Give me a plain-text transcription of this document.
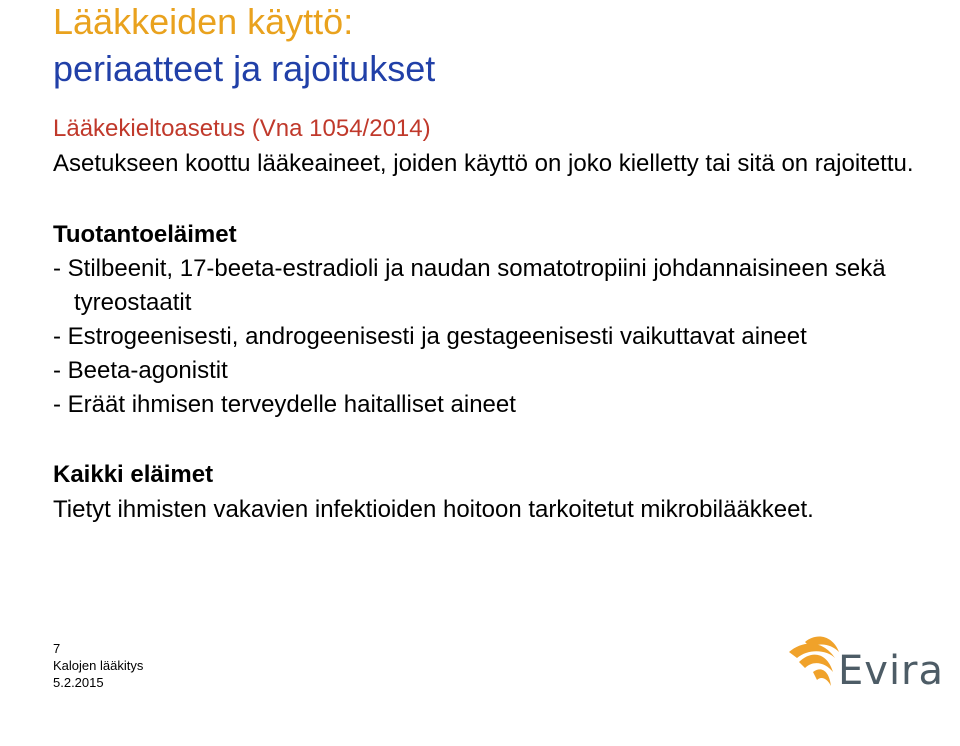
Lääkkeiden käyttö:
periaatteet ja rajoitukset

Lääkekieltoasetus (Vna 1054/2014)

Asetukseen koottu lääkeaineet, joiden käyttö on joko kielletty tai sitä on rajoitettu.

Tuotantoeläimet

- Stilbeenit, 17-beeta-estradioli ja naudan somatotropiini johdannaisineen sekä tyreostaatit
- Estrogeenisesti, androgeenisesti ja gestageenisesti vaikuttavat aineet
- Beeta-agonistit
- Eräät ihmisen terveydelle haitalliset aineet

Kaikki eläimet

Tietyt ihmisten vakavien infektioiden hoitoon tarkoitetut mikrobilääkkeet.

7
Kalojen lääkitys
5.2.2015	Evira
